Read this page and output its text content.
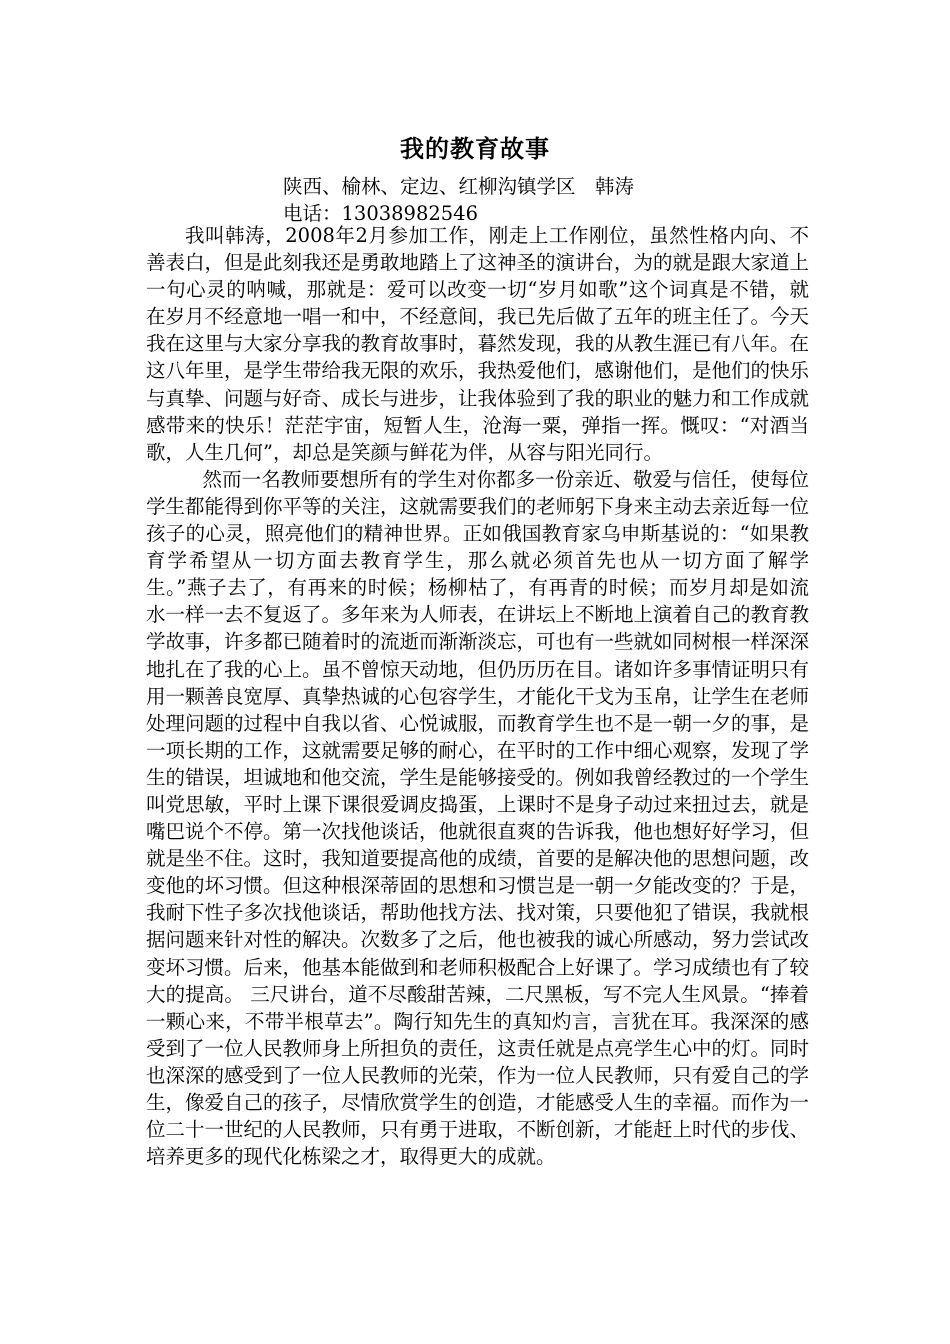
我的教育故事
陕西、榆林、定边、红柳沟镇学区　韩涛
电话：13038982546

我叫韩涛，2008年2月参加工作，刚走上工作刚位，虽然性格内向、不善表白，但是此刻我还是勇敢地踏上了这神圣的演讲台，为的就是跟大家道上一句心灵的呐喊，那就是：爱可以改变一切“岁月如歌”这个词真是不错，就在岁月不经意地一唱一和中，不经意间，我已先后做了五年的班主任了。今天我在这里与大家分享我的教育故事时，暮然发现，我的从教生涯已有八年。在这八年里，是学生带给我无限的欢乐，我热爱他们，感谢他们，是他们的快乐与真挚、问题与好奇、成长与进步，让我体验到了我的职业的魅力和工作成就感带来的快乐！茫茫宇宙，短暂人生，沧海一粟，弹指一挥。慨叹：“对酒当歌，人生几何”，却总是笑颜与鲜花为伴，从容与阳光同行。

然而一名教师要想所有的学生对你都多一份亲近、敬爱与信任，使每位学生都能得到你平等的关注，这就需要我们的老师躬下身来主动去亲近每一位孩子的心灵，照亮他们的精神世界。正如俄国教育家乌申斯基说的：“如果教育学希望从一切方面去教育学生，那么就必须首先也从一切方面了解学生。”燕子去了，有再来的时候；杨柳枯了，有再青的时候；而岁月却是如流水一样一去不复返了。多年来为人师表，在讲坛上不断地上演着自己的教育教学故事，许多都已随着时的流逝而渐渐淡忘，可也有一些就如同树根一样深深地扎在了我的心上。虽不曾惊天动地，但仍历历在目。诸如许多事情证明只有用一颗善良宽厚、真挚热诚的心包容学生，才能化干戈为玉帛，让学生在老师处理问题的过程中自我以省、心悦诚服，而教育学生也不是一朝一夕的事，是一项长期的工作，这就需要足够的耐心，在平时的工作中细心观察，发现了学生的错误，坦诚地和他交流，学生是能够接受的。例如我曾经教过的一个学生叫党思敏，平时上课下课很爱调皮捣蛋，上课时不是身子动过来扭过去，就是嘴巴说个不停。第一次找他谈话，他就很直爽的告诉我，他也想好好学习，但就是坐不住。这时，我知道要提高他的成绩，首要的是解决他的思想问题，改变他的坏习惯。但这种根深蒂固的思想和习惯岂是一朝一夕能改变的？于是，我耐下性子多次找他谈话，帮助他找方法、找对策，只要他犯了错误，我就根据问题来针对性的解决。次数多了之后，他也被我的诚心所感动，努力尝试改变坏习惯。后来，他基本能做到和老师积极配合上好课了。学习成绩也有了较大的提高。 三尺讲台，道不尽酸甜苦辣，二尺黑板，写不完人生风景。“捧着一颗心来，不带半根草去”。陶行知先生的真知灼言，言犹在耳。我深深的感受到了一位人民教师身上所担负的责任，这责任就是点亮学生心中的灯。同时也深深的感受到了一位人民教师的光荣，作为一位人民教师，只有爱自己的学生，像爱自己的孩子，尽情欣赏学生的创造，才能感受人生的幸福。而作为一位二十一世纪的人民教师，只有勇于进取，不断创新，才能赶上时代的步伐、培养更多的现代化栋梁之才，取得更大的成就。
